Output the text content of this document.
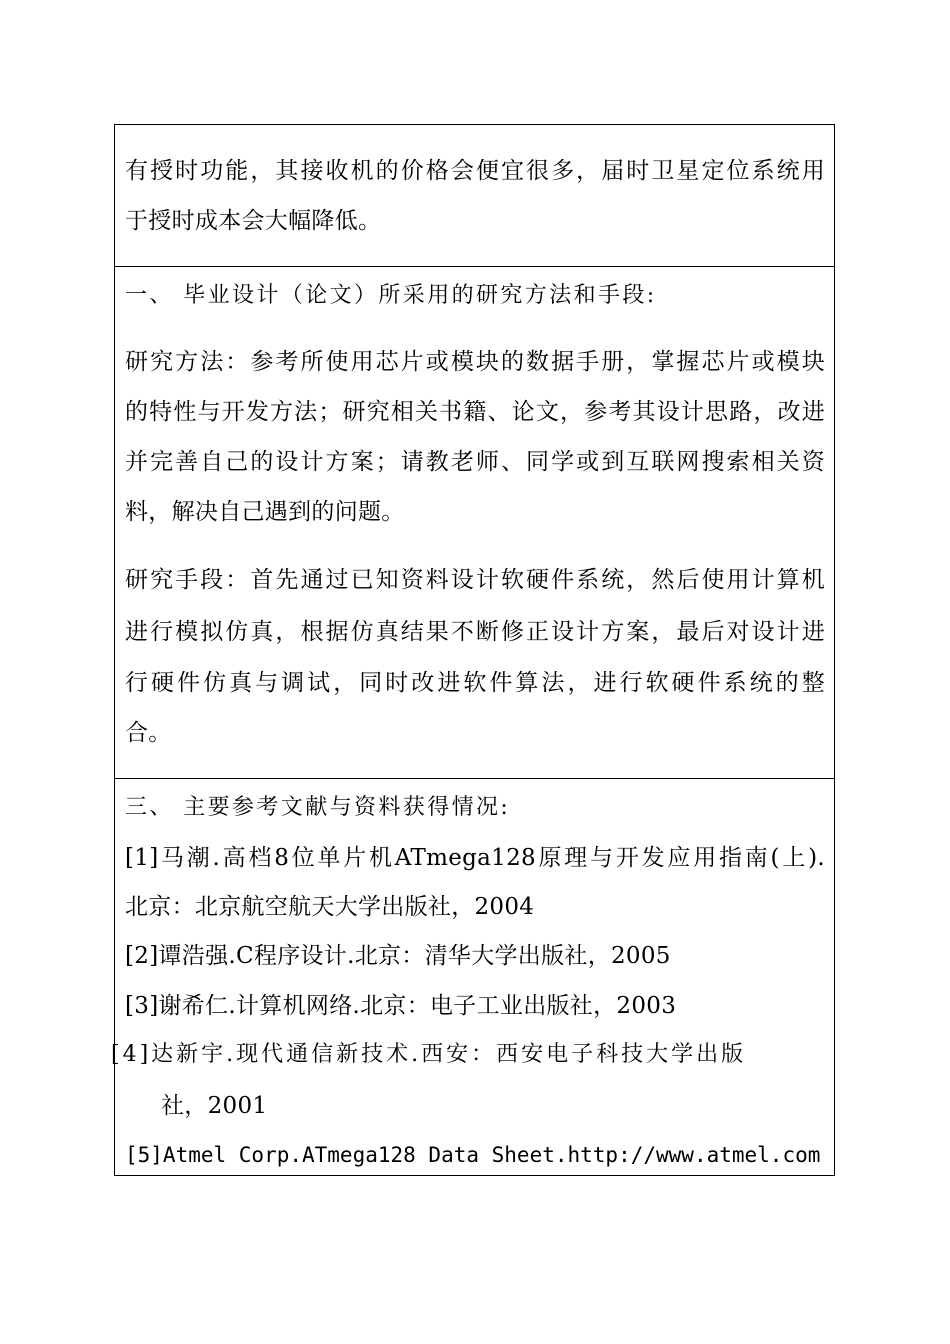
有授时功能，其接收机的价格会便宜很多，届时卫星定位系统用
于授时成本会大幅降低。
一、 毕业设计（论文）所采用的研究方法和手段:
研究方法：参考所使用芯片或模块的数据手册，掌握芯片或模块
的特性与开发方法；研究相关书籍、论文，参考其设计思路，改进
并完善自己的设计方案；请教老师、同学或到互联网搜索相关资
料，解决自己遇到的问题。
研究手段：首先通过已知资料设计软硬件系统，然后使用计算机
进行模拟仿真，根据仿真结果不断修正设计方案，最后对设计进
行硬件仿真与调试，同时改进软件算法，进行软硬件系统的整
合。
三、 主要参考文献与资料获得情况:
[1]马潮.高档8位单片机ATmega128原理与开发应用指南(上).
北京：北京航空航天大学出版社，2004
[2]谭浩强.C程序设计.北京：清华大学出版社，2005
[3]谢希仁.计算机网络.北京：电子工业出版社，2003
[4]达新宇.现代通信新技术.西安：西安电子科技大学出版
社，2001
[5]Atmel Corp.ATmega128 Data Sheet.http://www.atmel.com
